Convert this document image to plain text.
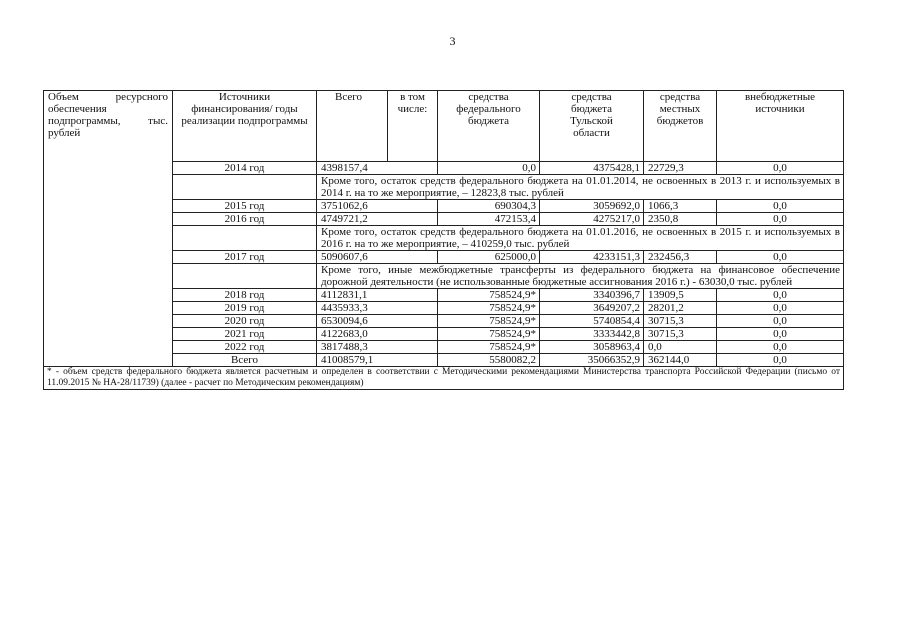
3
Объем ресурсного обеспечения подпрограммы, тыс. рублей	Источники финансирования/ годы реализации подпрограммы	Всего	в том числе:	средства федерального бюджета	средства бюджета Тульской области	средства местных бюджетов	внебюджетные источники
	2014 год	4398157,4		0,0	4375428,1	22729,3	0,0
		Кроме того, остаток средств федерального бюджета на 01.01.2014, не освоенных в 2013 г. и используемых в 2014 г. на то же мероприятие, – 12823,8 тыс. рублей					
	2015 год	3751062,6		690304,3	3059692,0	1066,3	0,0
	2016 год	4749721,2		472153,4	4275217,0	2350,8	0,0
		Кроме того, остаток средств федерального бюджета на 01.01.2016, не освоенных в 2015 г. и используемых в 2016 г. на то же мероприятие, – 410259,0 тыс. рублей					
	2017 год	5090607,6		625000,0	4233151,3	232456,3	0,0
		Кроме того, иные межбюджетные трансферты из федерального бюджета на финансовое обеспечение дорожной деятельности (не использованные бюджетные ассигнования 2016 г.) - 63030,0 тыс. рублей					
	2018 год	4112831,1		758524,9*	3340396,7	13909,5	0,0
	2019 год	4435933,3		758524,9*	3649207,2	28201,2	0,0
	2020 год	6530094,6		758524,9*	5740854,4	30715,3	0,0
	2021 год	4122683,0		758524,9*	3333442,8	30715,3	0,0
	2022 год	3817488,3		758524,9*	3058963,4	0,0	0,0
	Всего	41008579,1		5580082,2	35066352,9	362144,0	0,0
* - объем средств федерального бюджета является расчетным и определен в соответствии с Методическими рекомендациями Министерства транспорта Российской Федерации (письмо от 11.09.2015 № НА-28/11739) (далее - расчет по Методическим рекомендациям)							
